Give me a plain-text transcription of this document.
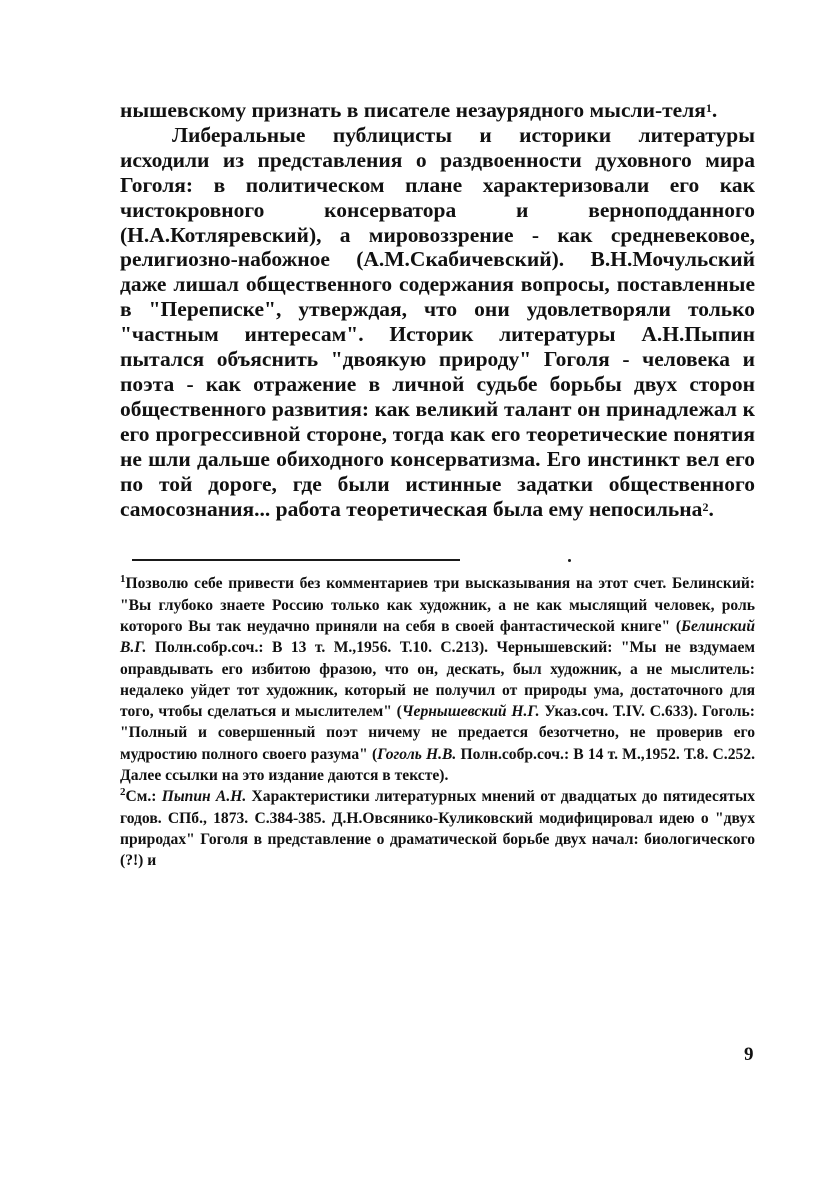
нышевскому признать в писателе незаурядного мысли-теля$^1$.

Либеральные публицисты и историки литературы исходили из представления о раздвоенности духовного мира Гоголя: в политическом плане характеризовали его как чистокровного консерватора и верноподданного (Н.А.Котляревский), а мировоззрение - как средневековое, религиозно-набожное (А.М.Скабичевский). В.Н.Мочульский даже лишал общественного содержания вопросы, поставленные в "Переписке", утверждая, что они удовлетворяли только "частным интересам". Историк литературы А.Н.Пыпин пытался объяснить "двоякую природу" Гоголя - человека и поэта - как отражение в личной судьбе борьбы двух сторон общественного развития: как великий талант он принадлежал к его прогрессивной стороне, тогда как его теоретические понятия не шли дальше обиходного консерватизма. Его инстинкт вел его по той дороге, где были истинные задатки общественного самосознания... работа теоретическая была ему непосильна$^2$.

$^1$Позволю себе привести без комментариев три высказывания на этот счет. Белинский: "Вы глубоко знаете Россию только как художник, а не как мыслящий человек, роль которого Вы так неудачно приняли на себя в своей фантастической книге" (Белинский В.Г. Полн.собр.соч.: В 13 т. М.,1956. Т.10. С.213). Чернышевский: "Мы не вздумаем оправдывать его избитою фразою, что он, дескать, был художник, а не мыслитель: недалеко уйдет тот художник, который не получил от природы ума, достаточного для того, чтобы сделаться и мыслителем" (Чернышевский Н.Г. Указ.соч. Т.IV. С.633). Гоголь: "Полный и совершенный поэт ничему не предается безотчетно, не проверив его мудростию полного своего разума" (Гоголь Н.В. Полн.собр.соч.: В 14 т. М.,1952. Т.8. С.252. Далее ссылки на это издание даются в тексте).

$^2$См.: Пыпин А.Н. Характеристики литературных мнений от двадцатых до пятидесятых годов. СПб., 1873. С.384-385. Д.Н.Овсянико-Куликовский модифицировал идею о "двух природах" Гоголя в представление о драматической борьбе двух начал: биологического (?!) и

9
